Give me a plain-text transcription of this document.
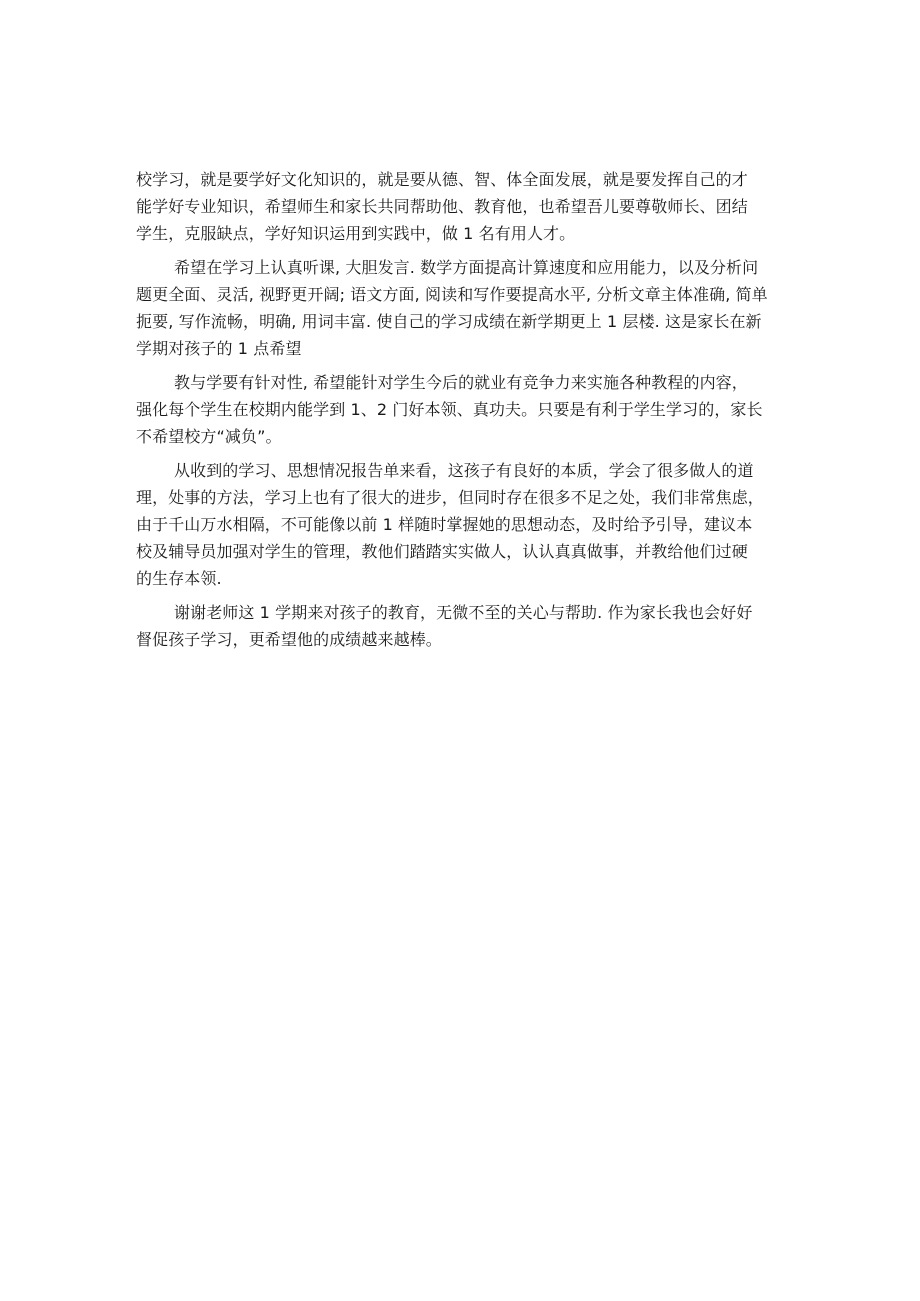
校学习，就是要学好文化知识的，就是要从德、智、体全面发展，就是要发挥自己的才
能学好专业知识，希望师生和家长共同帮助他、教育他，也希望吾儿要尊敬师长、团结
学生，克服缺点，学好知识运用到实践中，做 1 名有用人才。
希望在学习上认真听课, 大胆发言. 数学方面提高计算速度和应用能力，以及分析问
题更全面、灵活, 视野更开阔; 语文方面, 阅读和写作要提高水平, 分析文章主体准确, 简单
扼要, 写作流畅，明确, 用词丰富. 使自己的学习成绩在新学期更上 1 层楼. 这是家长在新
学期对孩子的 1 点希望
教与学要有针对性, 希望能针对学生今后的就业有竞争力来实施各种教程的内容，
强化每个学生在校期内能学到 1、2 门好本领、真功夫。只要是有利于学生学习的，家长
不希望校方“减负”。
从收到的学习、思想情况报告单来看，这孩子有良好的本质，学会了很多做人的道
理，处事的方法，学习上也有了很大的进步，但同时存在很多不足之处，我们非常焦虑，
由于千山万水相隔，不可能像以前 1 样随时掌握她的思想动态，及时给予引导，建议本
校及辅导员加强对学生的管理，教他们踏踏实实做人，认认真真做事，并教给他们过硬
的生存本领.
谢谢老师这 1 学期来对孩子的教育，无微不至的关心与帮助. 作为家长我也会好好
督促孩子学习，更希望他的成绩越来越棒。
